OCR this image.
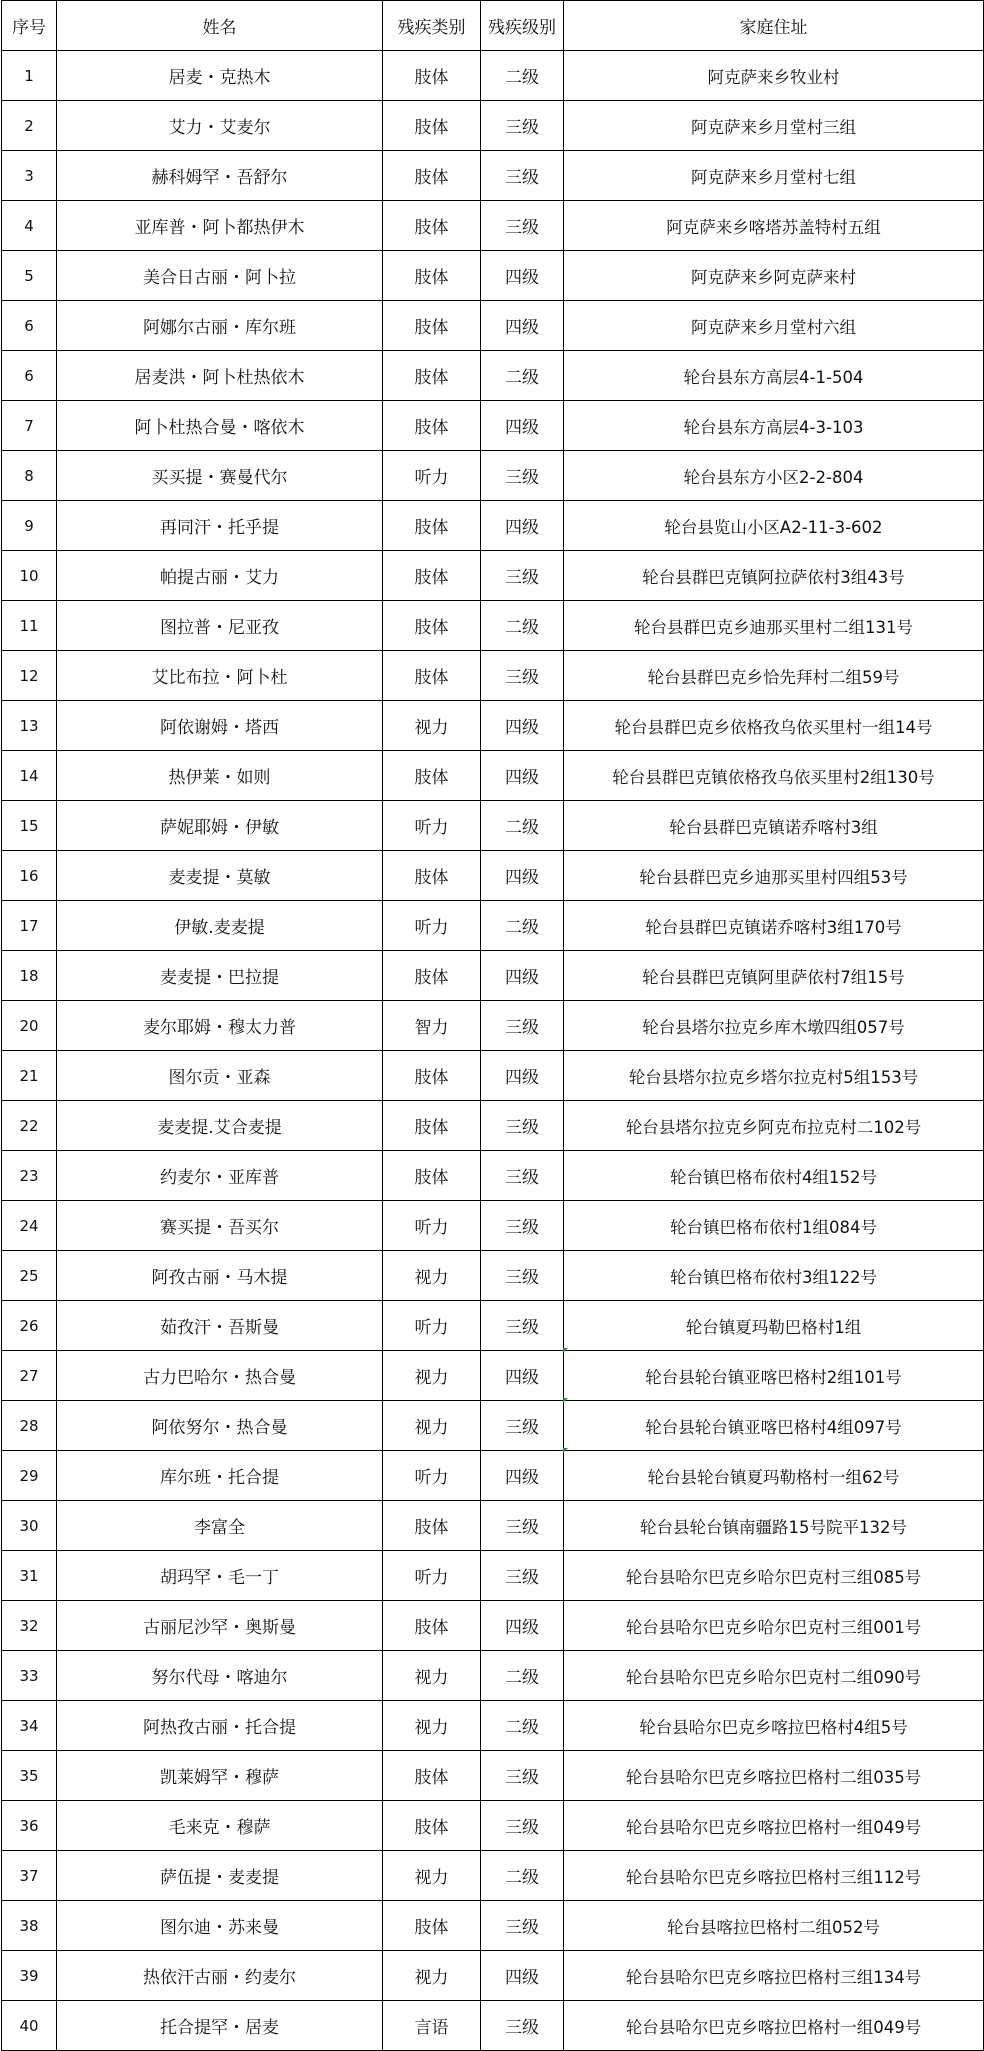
序号	姓名	残疾类别	残疾级别	家庭住址
1	居麦・克热木	肢体	二级	阿克萨来乡牧业村
2	艾力・艾麦尔	肢体	三级	阿克萨来乡月堂村三组
3	赫科姆罕・吾舒尔	肢体	三级	阿克萨来乡月堂村七组
4	亚库普・阿卜都热伊木	肢体	三级	阿克萨来乡喀塔苏盖特村五组
5	美合日古丽・阿卜拉	肢体	四级	阿克萨来乡阿克萨来村
6	阿娜尔古丽・库尔班	肢体	四级	阿克萨来乡月堂村六组
6	居麦洪・阿卜杜热依木	肢体	二级	轮台县东方高层4-1-504
7	阿卜杜热合曼・喀依木	肢体	四级	轮台县东方高层4-3-103
8	买买提・赛曼代尔	听力	三级	轮台县东方小区2-2-804
9	再同汗・托乎提	肢体	四级	轮台县览山小区A2-11-3-602
10	帕提古丽・艾力	肢体	三级	轮台县群巴克镇阿拉萨依村3组43号
11	图拉普・尼亚孜	肢体	二级	轮台县群巴克乡迪那买里村二组131号
12	艾比布拉・阿卜杜	肢体	三级	轮台县群巴克乡恰先拜村二组59号
13	阿依谢姆・塔西	视力	四级	轮台县群巴克乡依格孜乌依买里村一组14号
14	热伊莱・如则	肢体	四级	轮台县群巴克镇依格孜乌依买里村2组130号
15	萨妮耶姆・伊敏	听力	二级	轮台县群巴克镇诺乔喀村3组
16	麦麦提・莫敏	肢体	四级	轮台县群巴克乡迪那买里村四组53号
17	伊敏.麦麦提	听力	二级	轮台县群巴克镇诺乔喀村3组170号
18	麦麦提・巴拉提	肢体	四级	轮台县群巴克镇阿里萨依村7组15号
20	麦尔耶姆・穆太力普	智力	三级	轮台县塔尔拉克乡库木墩四组057号
21	图尔贡・亚森	肢体	四级	轮台县塔尔拉克乡塔尔拉克村5组153号
22	麦麦提.艾合麦提	肢体	三级	轮台县塔尔拉克乡阿克布拉克村二102号
23	约麦尔・亚库普	肢体	三级	轮台镇巴格布依村4组152号
24	赛买提・吾买尔	听力	三级	轮台镇巴格布依村1组084号
25	阿孜古丽・马木提	视力	三级	轮台镇巴格布依村3组122号
26	茹孜汗・吾斯曼	听力	三级	轮台镇夏玛勒巴格村1组
27	古力巴哈尔・热合曼	视力	四级	轮台县轮台镇亚喀巴格村2组101号
28	阿依努尔・热合曼	视力	三级	轮台县轮台镇亚喀巴格村4组097号
29	库尔班・托合提	听力	四级	轮台县轮台镇夏玛勒格村一组62号
30	李富全	肢体	三级	轮台县轮台镇南疆路15号院平132号
31	胡玛罕・毛一丁	听力	三级	轮台县哈尔巴克乡哈尔巴克村三组085号
32	古丽尼沙罕・奥斯曼	肢体	四级	轮台县哈尔巴克乡哈尔巴克村三组001号
33	努尔代母・喀迪尔	视力	二级	轮台县哈尔巴克乡哈尔巴克村二组090号
34	阿热孜古丽・托合提	视力	二级	轮台县哈尔巴克乡喀拉巴格村4组5号
35	凯莱姆罕・穆萨	肢体	三级	轮台县哈尔巴克乡喀拉巴格村二组035号
36	毛来克・穆萨	肢体	三级	轮台县哈尔巴克乡喀拉巴格村一组049号
37	萨伍提・麦麦提	视力	二级	轮台县哈尔巴克乡喀拉巴格村三组112号
38	图尔迪・苏来曼	肢体	三级	轮台县喀拉巴格村二组052号
39	热依汗古丽・约麦尔	视力	四级	轮台县哈尔巴克乡喀拉巴格村三组134号
40	托合提罕・居麦	言语	三级	轮台县哈尔巴克乡喀拉巴格村一组049号
